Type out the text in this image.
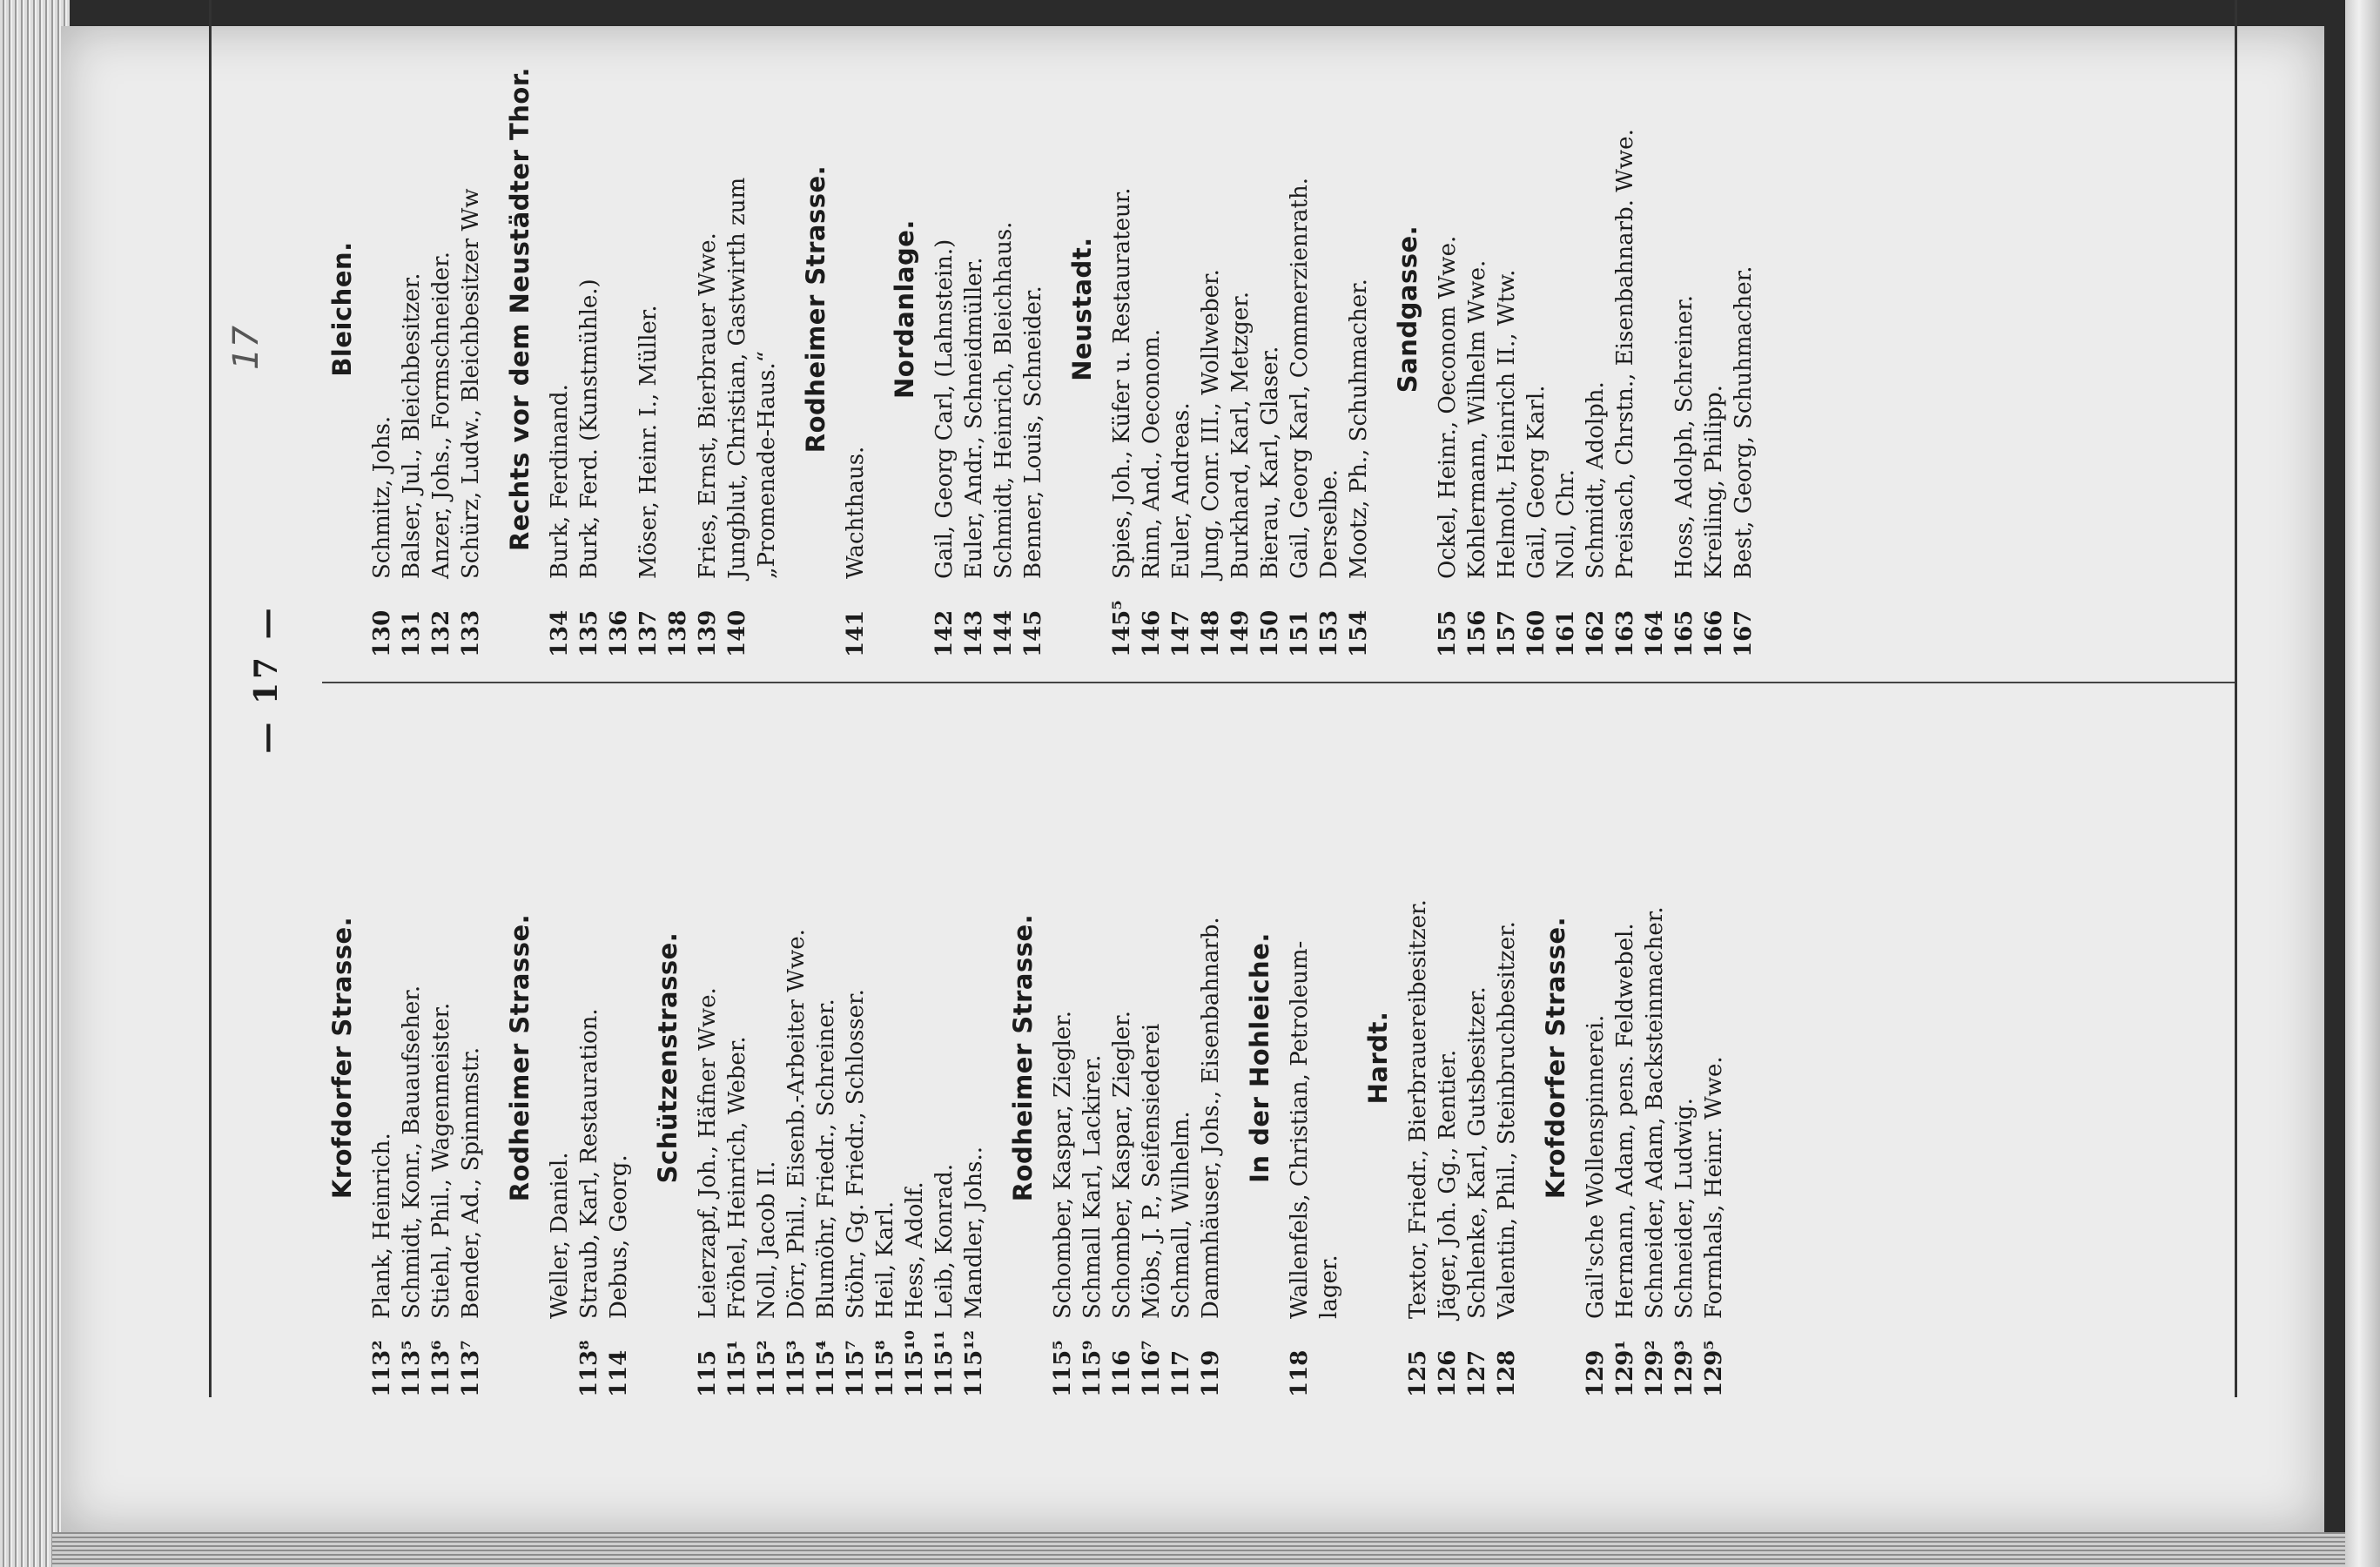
— 17 —
17
Krofdorfer Strasse.
113²
Plank, Heinrich.
113⁵
Schmidt, Konr., Bauaufseher.
113⁶
Stiehl, Phil., Wagenmeister.
113⁷
Bender, Ad., Spinnmstr. Rodheimer Strasse.
Weller, Daniel.
113⁸
Straub, Karl, Restauration.
114
Debus, Georg.
Schützenstrasse.
115
Leierzapf, Joh., Häfner Wwe.
115¹
Fröhel, Heinrich, Weber.
115²
Noll, Jacob II.
115³
Dörr, Phil., Eisenb.-Arbeiter Wwe.
115⁴
Blumöhr, Friedr., Schreiner.
115⁷
Stöhr, Gg. Friedr., Schlosser.
115⁸
Heil, Karl.
115¹⁰
Hess, Adolf.
115¹¹
Leib, Konrad.
115¹²
Mandler, Johs..
Rodheimer Strasse.
115⁵
Schomber, Kaspar, Ziegler.
115⁹
Schmall Karl, Lackirer.
116
Schomber, Kaspar, Ziegler.
116⁷
Möbs, J. P., Seifensiederei
117
Schmall, Wilhelm.
119
Dammhäuser, Johs., Eisenbahnarb. In der Hohleiche.
118
Wallenfels, Christian, Petroleum- lager.
Hardt.
125
Textor, Friedr., Bierbrauereibesitzer.
126
Jäger, Joh. Gg., Rentier.
127
Schlenke, Karl, Gutsbesitzer.
128
Valentin, Phil., Steinbruchbesitzer. Krofdorfer Strasse.
129
Gail'sche Wollenspinnerei.
129¹
Hermann, Adam, pens. Feldwebel.
129²
Schneider, Adam, Backsteinmacher.
129³
Schneider, Ludwig.
129⁵
Formhals, Heinr. Wwe.
Bleichen.
130
Schmitz, Johs.
131
Balser, Jul., Bleichbesitzer.
132
Anzer, Johs., Formschneider.
133
Schürz, Ludw., Bleichbesitzer Ww Rechts vor dem Neustädter Thor.
134
Burk, Ferdinand.
135
Burk, Ferd. (Kunstmühle.)
136 137
Möser, Heinr. I., Müller.
138 139
Fries, Ernst, Bierbrauer Wwe.
140
Jungblut, Christian, Gastwirth zum „Promenade-Haus.“
Rodheimer Strasse.
141
Wachthaus.
Nordanlage.
142
Gail, Georg Carl, (Lahnstein.)
143
Euler, Andr., Schneidmüller.
144
Schmidt, Heinrich, Bleichhaus.
145
Benner, Louis, Schneider. Neustadt.
145⁵
Spies, Joh., Küfer u. Restaurateur.
146
Rinn, And., Oeconom.
147
Euler, Andreas.
148
Jung, Conr. III., Wollweber.
149
Burkhard, Karl, Metzger.
150
Bierau, Karl, Glaser.
151
Gail, Georg Karl, Commerzienrath.
153
Derselbe.
154
Mootz, Ph., Schuhmacher. Sandgasse.
155
Ockel, Heinr., Oeconom Wwe.
156
Kohlermann, Wilhelm Wwe.
157
Helmolt, Heinrich II., Wtw.
160
Gail, Georg Karl.
161
Noll, Chr.
162
Schmidt, Adolph.
163
Preisach, Chrstn., Eisenbahnarb. Wwe.
164 165
Hoss, Adolph, Schreiner.
166
Kreiling, Philipp.
167
Best, Georg, Schuhmacher.
